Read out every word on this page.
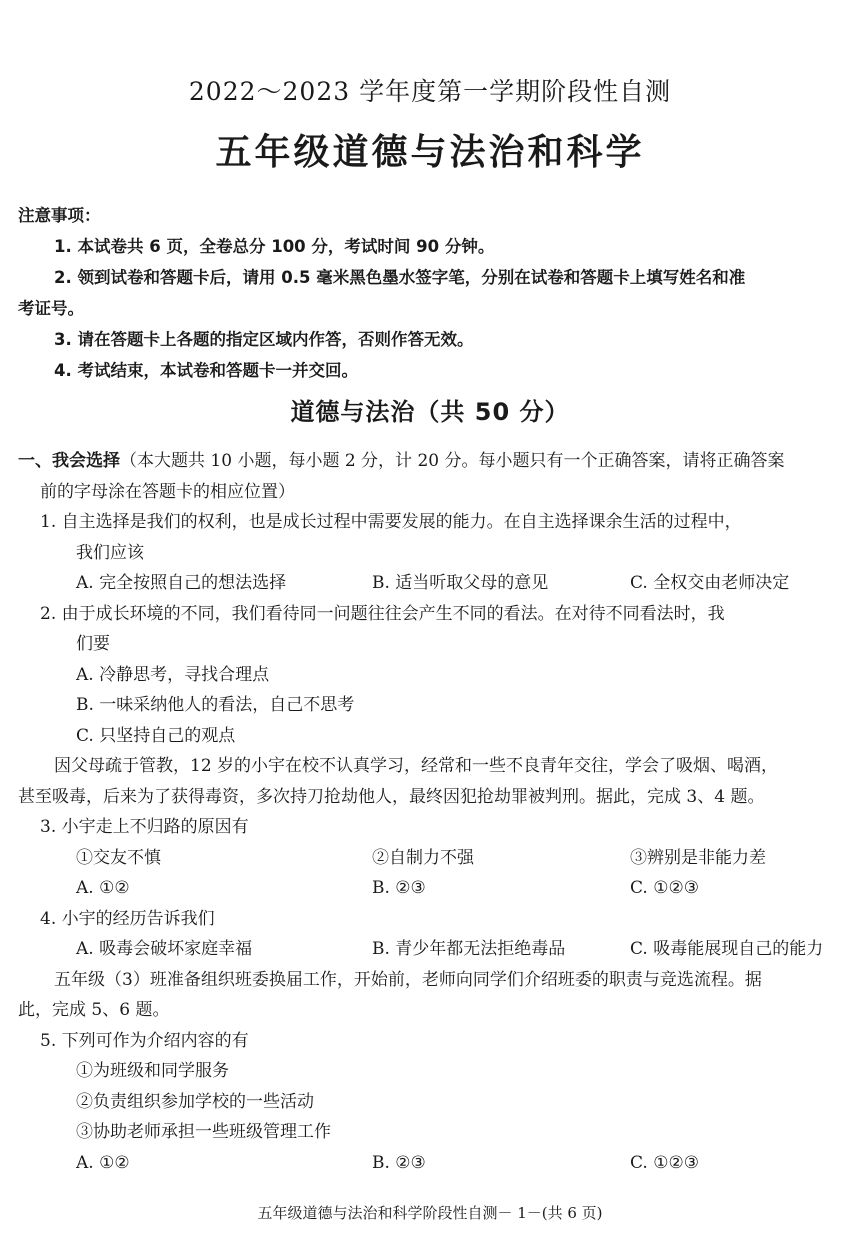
2022～2023 学年度第一学期阶段性自测
五年级道德与法治和科学
注意事项：
1. 本试卷共 6 页，全卷总分 100 分，考试时间 90 分钟。
2. 领到试卷和答题卡后，请用 0.5 毫米黑色墨水签字笔，分别在试卷和答题卡上填写姓名和准
考证号。
3. 请在答题卡上各题的指定区域内作答，否则作答无效。
4. 考试结束，本试卷和答题卡一并交回。
道德与法治（共 50 分）
一、我会选择（本大题共 10 小题，每小题 2 分，计 20 分。每小题只有一个正确答案，请将正确答案
前的字母涂在答题卡的相应位置）
1. 自主选择是我们的权利，也是成长过程中需要发展的能力。在自主选择课余生活的过程中，
我们应该
A. 完全按照自己的想法选择	B. 适当听取父母的意见	C. 全权交由老师决定
2. 由于成长环境的不同，我们看待同一问题往往会产生不同的看法。在对待不同看法时，我
们要
A. 冷静思考，寻找合理点
B. 一味采纳他人的看法，自己不思考
C. 只坚持自己的观点
因父母疏于管教，12 岁的小宇在校不认真学习，经常和一些不良青年交往，学会了吸烟、喝酒，
甚至吸毒，后来为了获得毒资，多次持刀抢劫他人，最终因犯抢劫罪被判刑。据此，完成 3、4 题。
3. 小宇走上不归路的原因有
①交友不慎	②自制力不强	③辨别是非能力差
A. ①②	B. ②③	C. ①②③
4. 小宇的经历告诉我们
A. 吸毒会破坏家庭幸福	B. 青少年都无法拒绝毒品	C. 吸毒能展现自己的能力
五年级（3）班准备组织班委换届工作，开始前，老师向同学们介绍班委的职责与竞选流程。据
此，完成 5、6 题。
5. 下列可作为介绍内容的有
①为班级和同学服务
②负责组织参加学校的一些活动
③协助老师承担一些班级管理工作
A. ①②	B. ②③	C. ①②③
五年级道德与法治和科学阶段性自测－ 1－(共 6 页)
